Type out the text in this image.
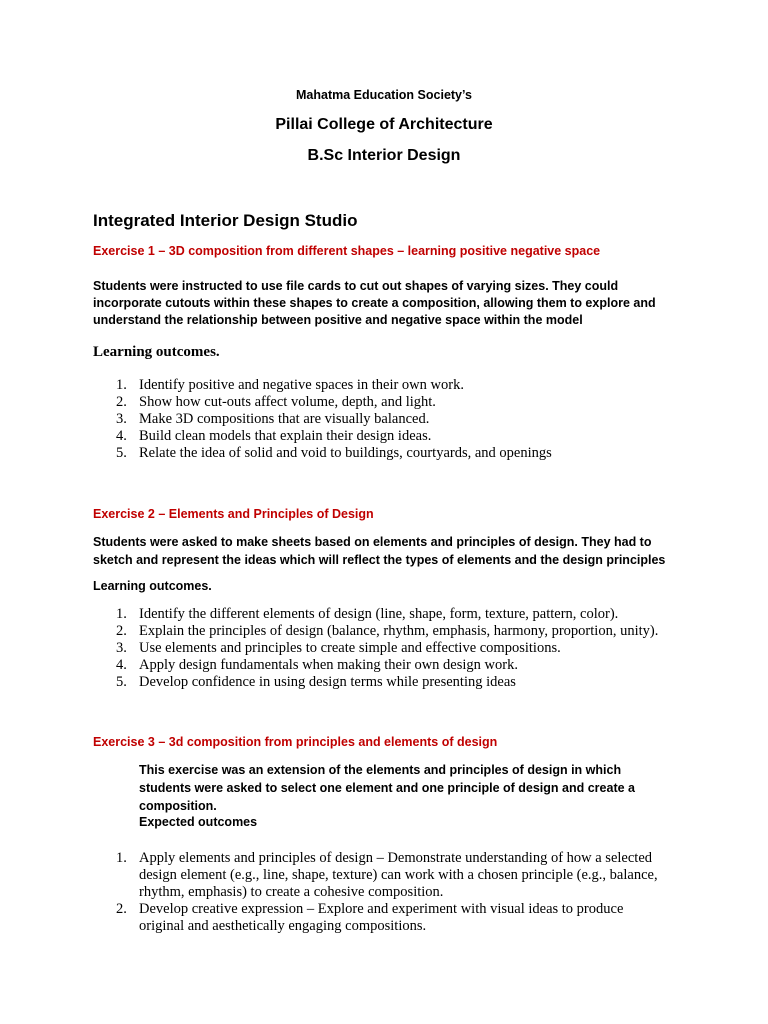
Mahatma Education Society’s
Pillai College of Architecture
B.Sc Interior Design
Integrated Interior Design Studio
Exercise 1 – 3D composition from different shapes – learning positive negative space
Students were instructed to use file cards to cut out shapes of varying sizes. They could incorporate cutouts within these shapes to create a composition, allowing them to explore and understand the relationship between positive and negative space within the model
Learning outcomes.
1. Identify positive and negative spaces in their own work.
2. Show how cut-outs affect volume, depth, and light.
3. Make 3D compositions that are visually balanced.
4. Build clean models that explain their design ideas.
5. Relate the idea of solid and void to buildings, courtyards, and openings
Exercise 2 – Elements and Principles of Design
Students were asked to make sheets based on elements and principles of design. They had to sketch and represent the ideas which will reflect the types of elements and the design principles
Learning outcomes.
1. Identify the different elements of design (line, shape, form, texture, pattern, color).
2. Explain the principles of design (balance, rhythm, emphasis, harmony, proportion, unity).
3. Use elements and principles to create simple and effective compositions.
4. Apply design fundamentals when making their own design work.
5. Develop confidence in using design terms while presenting ideas
Exercise 3 – 3d composition from principles and elements of design
This exercise was an extension of the elements and principles of design in which students were asked to select one element and one principle of design and create a composition.
Expected outcomes
1. Apply elements and principles of design – Demonstrate understanding of how a selected design element (e.g., line, shape, texture) can work with a chosen principle (e.g., balance, rhythm, emphasis) to create a cohesive composition.
2. Develop creative expression – Explore and experiment with visual ideas to produce original and aesthetically engaging compositions.
